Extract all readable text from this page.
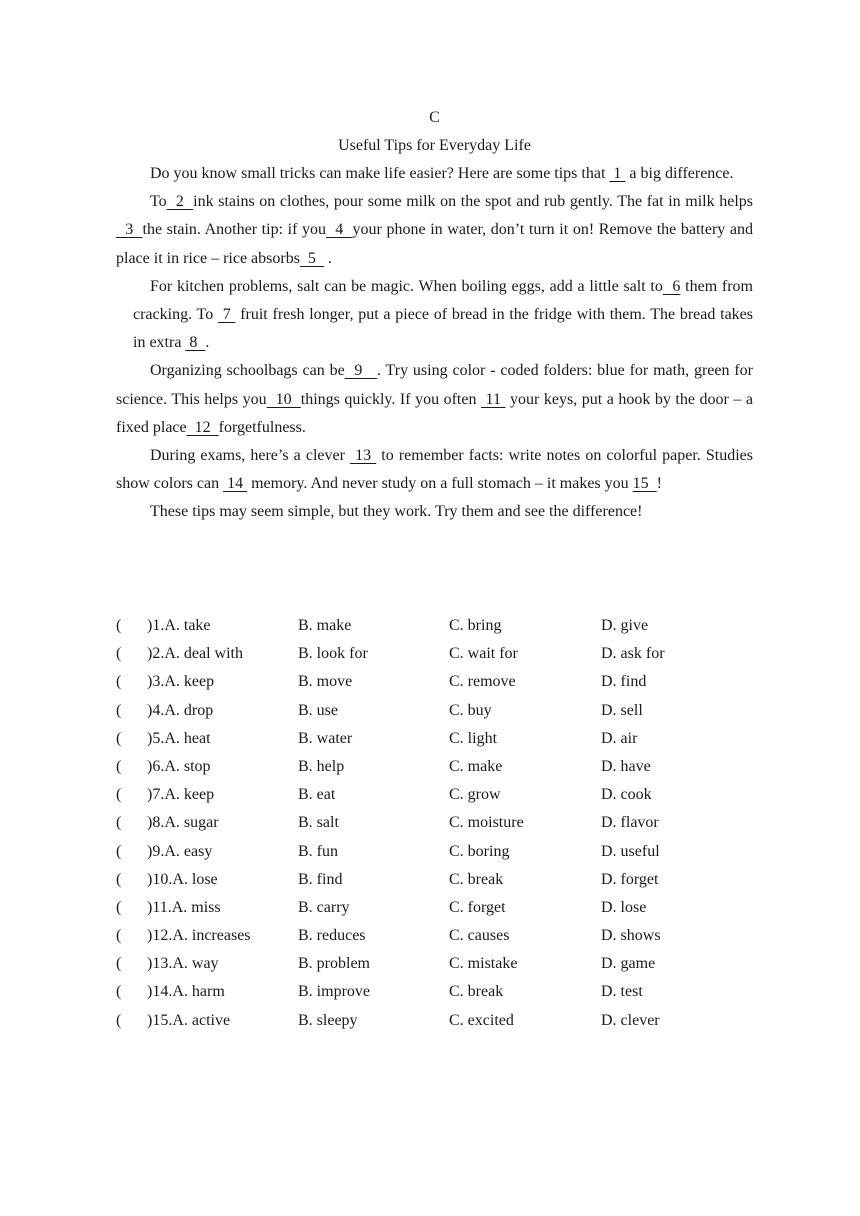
C
Useful Tips for Everyday Life

Do you know small tricks can make life easier? Here are some tips that  1  a big difference.

To  2  ink stains on clothes, pour some milk on the spot and rub gently. The fat in milk helps  3  the stain. Another tip: if you  4  your phone in water, don’t turn it on! Remove the battery and place it in rice – rice absorbs  5   .

For kitchen problems, salt can be magic. When boiling eggs, add a little salt to  6 them from cracking. To  7  fruit fresh longer, put a piece of bread in the fridge with them. The bread takes in extra  8  .

Organizing schoolbags can be  9   . Try using color - coded folders: blue for math, green for science. This helps you  10  things quickly. If you often  11  your keys, put a hook by the door – a fixed place  12  forgetfulness.

During exams, here’s a clever  13  to remember facts: write notes on colorful paper. Studies show colors can  14  memory. And never study on a full stomach – it makes you 15  !

These tips may seem simple, but they work. Try them and see the difference!

( )1.A. take	B. make	C. bring	D. give
( )2.A. deal with	B. look for	C. wait for	D. ask for
( )3.A. keep	B. move	C. remove	D. find
( )4.A. drop	B. use	C. buy	D. sell
( )5.A. heat	B. water	C. light	D. air
( )6.A. stop	B. help	C. make	D. have
( )7.A. keep	B. eat	C. grow	D. cook
( )8.A. sugar	B. salt	C. moisture	D. flavor
( )9.A. easy	B. fun	C. boring	D. useful
( )10.A. lose	B. find	C. break	D. forget
( )11.A. miss	B. carry	C. forget	D. lose
( )12.A. increases	B. reduces	C. causes	D. shows
( )13.A. way	B. problem	C. mistake	D. game
( )14.A. harm	B. improve	C. break	D. test
( )15.A. active	B. sleepy	C. excited	D. clever
